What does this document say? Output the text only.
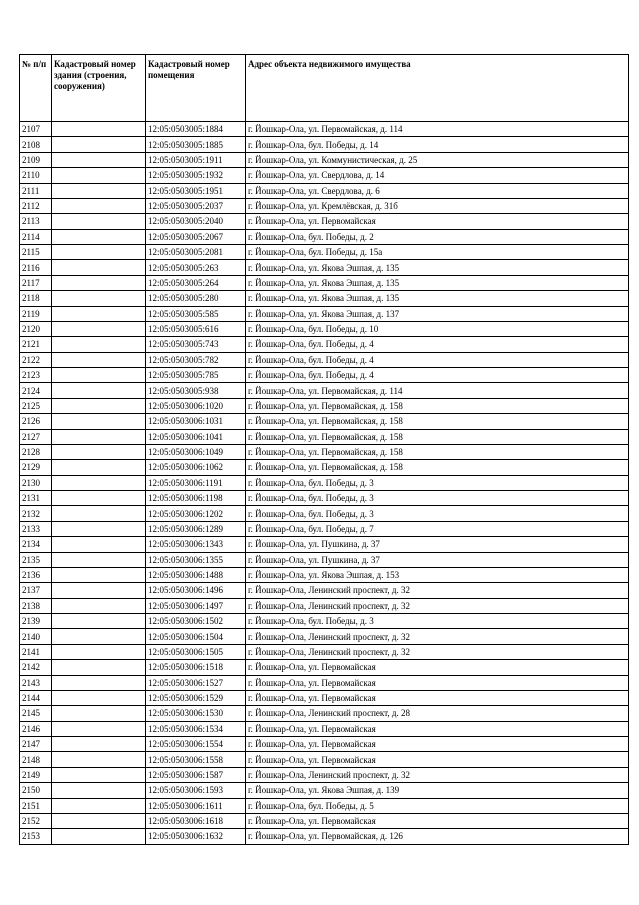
№ п/п	Кадастровый номер здания (строения, сооружения)	Кадастровый номер помещения	Адрес объекта недвижимого имущества
2107		12:05:0503005:1884	г. Йошкар-Ола, ул. Первомайская, д. 114
2108		12:05:0503005:1885	г. Йошкар-Ола, бул. Победы, д. 14
2109		12:05:0503005:1911	г. Йошкар-Ола, ул. Коммунистическая, д. 25
2110		12:05:0503005:1932	г. Йошкар-Ола, ул. Свердлова, д. 14
2111		12:05:0503005:1951	г. Йошкар-Ола, ул. Свердлова, д. 6
2112		12:05:0503005:2037	г. Йошкар-Ола, ул. Кремлёвская, д. 31б
2113		12:05:0503005:2040	г. Йошкар-Ола, ул. Первомайская
2114		12:05:0503005:2067	г. Йошкар-Ола, бул. Победы, д. 2
2115		12:05:0503005:2081	г. Йошкар-Ола, бул. Победы, д. 15а
2116		12:05:0503005:263	г. Йошкар-Ола, ул. Якова Эшпая, д. 135
2117		12:05:0503005:264	г. Йошкар-Ола, ул. Якова Эшпая, д. 135
2118		12:05:0503005:280	г. Йошкар-Ола, ул. Якова Эшпая, д. 135
2119		12:05:0503005:585	г. Йошкар-Ола, ул. Якова Эшпая, д. 137
2120		12:05:0503005:616	г. Йошкар-Ола, бул. Победы, д. 10
2121		12:05:0503005:743	г. Йошкар-Ола, бул. Победы, д. 4
2122		12:05:0503005:782	г. Йошкар-Ола, бул. Победы, д. 4
2123		12:05:0503005:785	г. Йошкар-Ола, бул. Победы, д. 4
2124		12:05:0503005:938	г. Йошкар-Ола, ул. Первомайская, д. 114
2125		12:05:0503006:1020	г. Йошкар-Ола, ул. Первомайская, д. 158
2126		12:05:0503006:1031	г. Йошкар-Ола, ул. Первомайская, д. 158
2127		12:05:0503006:1041	г. Йошкар-Ола, ул. Первомайская, д. 158
2128		12:05:0503006:1049	г. Йошкар-Ола, ул. Первомайская, д. 158
2129		12:05:0503006:1062	г. Йошкар-Ола, ул. Первомайская, д. 158
2130		12:05:0503006:1191	г. Йошкар-Ола, бул. Победы, д. 3
2131		12:05:0503006:1198	г. Йошкар-Ола, бул. Победы, д. 3
2132		12:05:0503006:1202	г. Йошкар-Ола, бул. Победы, д. 3
2133		12:05:0503006:1289	г. Йошкар-Ола, бул. Победы, д. 7
2134		12:05:0503006:1343	г. Йошкар-Ола, ул. Пушкина, д. 37
2135		12:05:0503006:1355	г. Йошкар-Ола, ул. Пушкина, д. 37
2136		12:05:0503006:1488	г. Йошкар-Ола, ул. Якова Эшпая, д. 153
2137		12:05:0503006:1496	г. Йошкар-Ола, Ленинский проспект, д. 32
2138		12:05:0503006:1497	г. Йошкар-Ола, Ленинский проспект, д. 32
2139		12:05:0503006:1502	г. Йошкар-Ола, бул. Победы, д. 3
2140		12:05:0503006:1504	г. Йошкар-Ола, Ленинский проспект, д. 32
2141		12:05:0503006:1505	г. Йошкар-Ола, Ленинский проспект, д. 32
2142		12:05:0503006:1518	г. Йошкар-Ола, ул. Первомайская
2143		12:05:0503006:1527	г. Йошкар-Ола, ул. Первомайская
2144		12:05:0503006:1529	г. Йошкар-Ола, ул. Первомайская
2145		12:05:0503006:1530	г. Йошкар-Ола, Ленинский проспект, д. 28
2146		12:05:0503006:1534	г. Йошкар-Ола, ул. Первомайская
2147		12:05:0503006:1554	г. Йошкар-Ола, ул. Первомайская
2148		12:05:0503006:1558	г. Йошкар-Ола, ул. Первомайская
2149		12:05:0503006:1587	г. Йошкар-Ола, Ленинский проспект, д. 32
2150		12:05:0503006:1593	г. Йошкар-Ола, ул. Якова Эшпая, д. 139
2151		12:05:0503006:1611	г. Йошкар-Ола, бул. Победы, д. 5
2152		12:05:0503006:1618	г. Йошкар-Ола, ул. Первомайская
2153		12:05:0503006:1632	г. Йошкар-Ола, ул. Первомайская, д. 126
